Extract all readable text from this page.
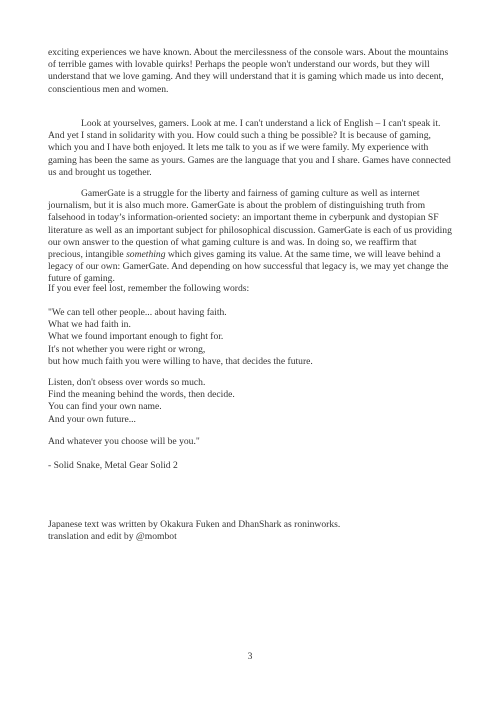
exciting experiences we have known. About the mercilessness of the console wars. About the mountains of terrible games with lovable quirks! Perhaps the people won't understand our words, but they will understand that we love gaming. And they will understand that it is gaming which made us into decent, conscientious men and women.

Look at yourselves, gamers. Look at me. I can't understand a lick of English – I can't speak it. And yet I stand in solidarity with you. How could such a thing be possible? It is because of gaming, which you and I have both enjoyed. It lets me talk to you as if we were family. My experience with gaming has been the same as yours. Games are the language that you and I share. Games have connected us and brought us together.

GamerGate is a struggle for the liberty and fairness of gaming culture as well as internet journalism, but it is also much more. GamerGate is about the problem of distinguishing truth from falsehood in today’s information-oriented society: an important theme in cyberpunk and dystopian SF literature as well as an important subject for philosophical discussion. GamerGate is each of us providing our own answer to the question of what gaming culture is and was. In doing so, we reaffirm that precious, intangible something which gives gaming its value. At the same time, we will leave behind a legacy of our own: GamerGate. And depending on how successful that legacy is, we may yet change the future of gaming.

If you ever feel lost, remember the following words:

"We can tell other people... about having faith.
What we had faith in.
What we found important enough to fight for.
It's not whether you were right or wrong,
but how much faith you were willing to have, that decides the future.
Listen, don't obsess over words so much.
Find the meaning behind the words, then decide.
You can find your own name.
And your own future...

And whatever you choose will be you."

- Solid Snake, Metal Gear Solid 2

Japanese text was written by Okakura Fuken and DhanShark as roninworks.
translation and edit by @mombot
3
